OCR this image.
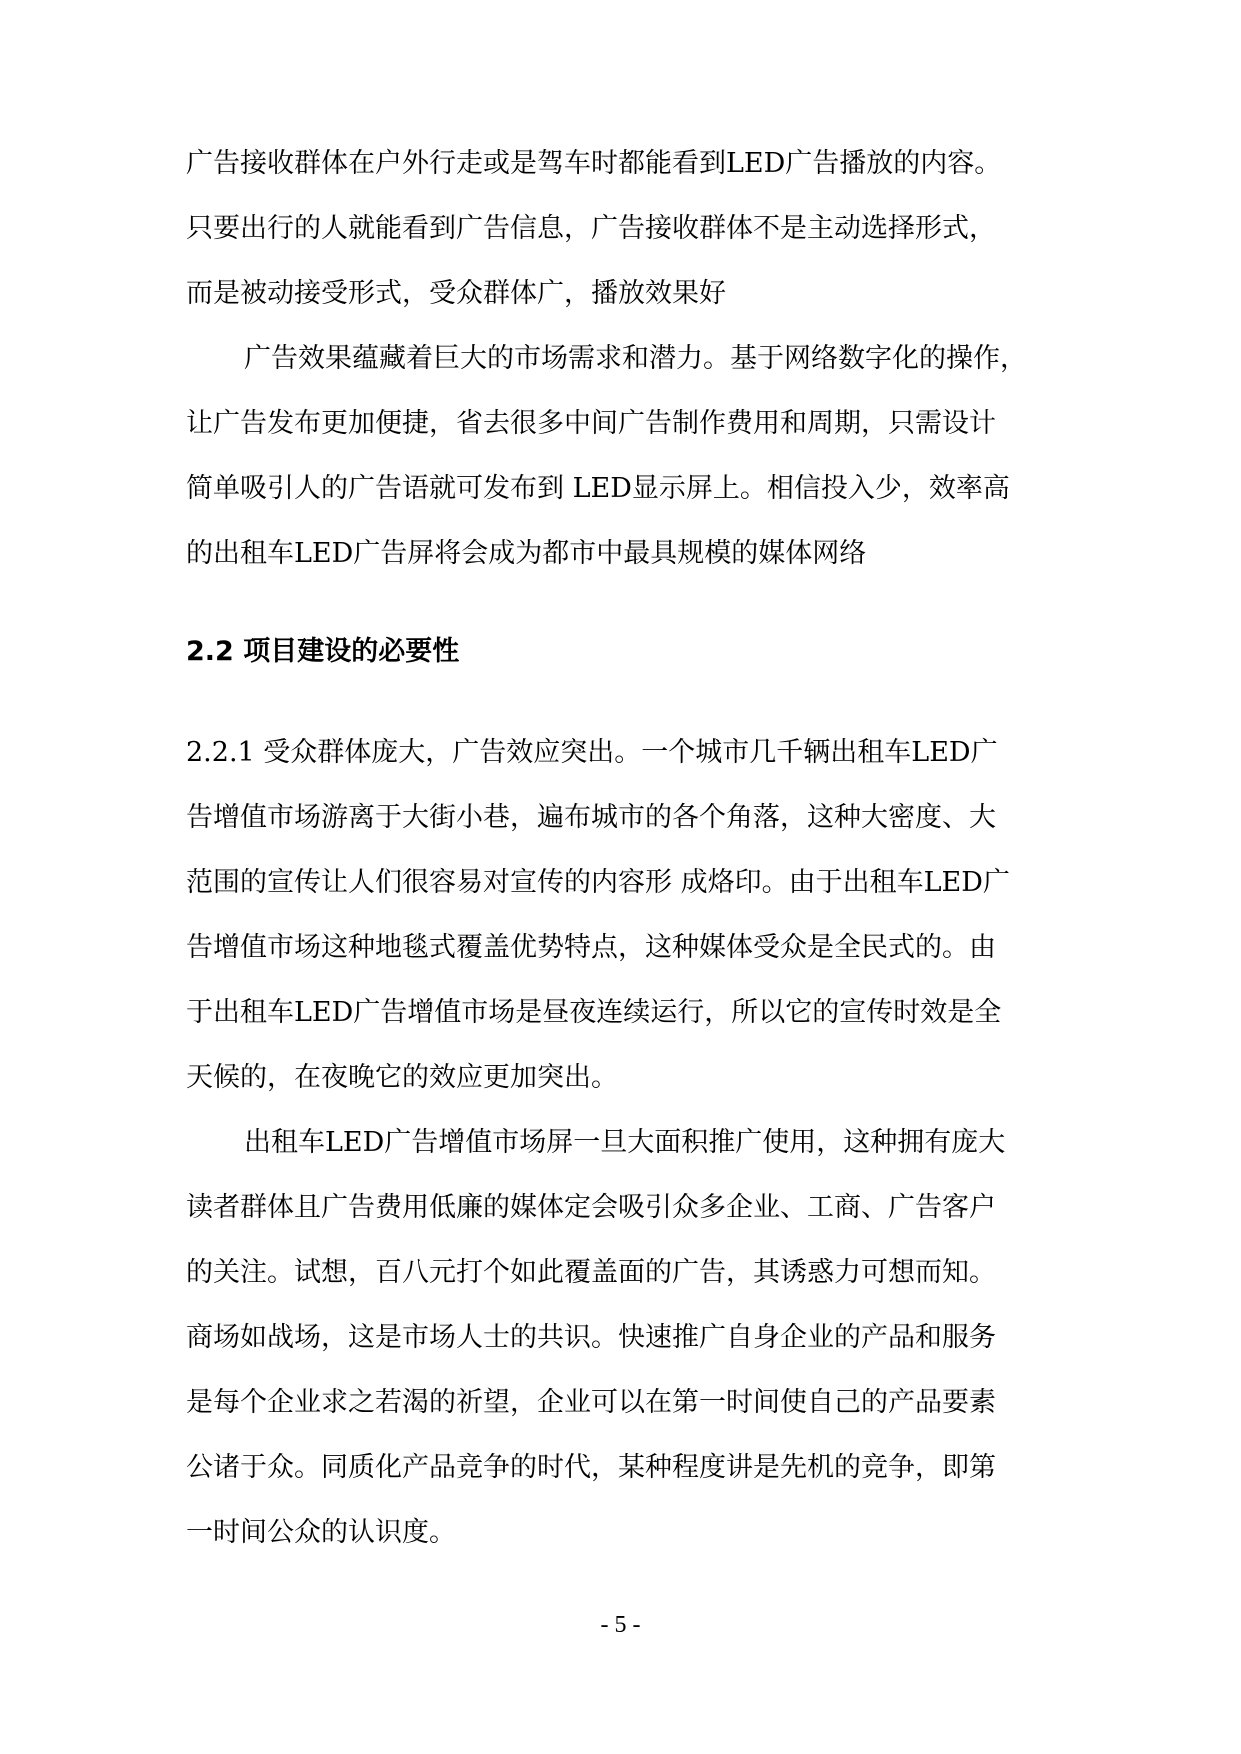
广告接收群体在户外行走或是驾车时都能看到LED广告播放的内容。
只要出行的人就能看到广告信息，广告接收群体不是主动选择形式，
而是被动接受形式，受众群体广，播放效果好
广告效果蕴藏着巨大的市场需求和潜力。基于网络数字化的操作，
让广告发布更加便捷，省去很多中间广告制作费用和周期，只需设计
简单吸引人的广告语就可发布到 LED显示屏上。相信投入少，效率高
的出租车LED广告屏将会成为都市中最具规模的媒体网络
2.2 项目建设的必要性
2.2.1 受众群体庞大，广告效应突出。一个城市几千辆出租车LED广
告增值市场游离于大街小巷，遍布城市的各个角落，这种大密度、大
范围的宣传让人们很容易对宣传的内容形 成烙印。由于出租车LED广
告增值市场这种地毯式覆盖优势特点，这种媒体受众是全民式的。由
于出租车LED广告增值市场是昼夜连续运行，所以它的宣传时效是全
天候的，在夜晚它的效应更加突出。
出租车LED广告增值市场屏一旦大面积推广使用，这种拥有庞大
读者群体且广告费用低廉的媒体定会吸引众多企业、工商、广告客户
的关注。试想，百八元打个如此覆盖面的广告，其诱惑力可想而知。
商场如战场，这是市场人士的共识。快速推广自身企业的产品和服务
是每个企业求之若渴的祈望，企业可以在第一时间使自己的产品要素
公诸于众。同质化产品竞争的时代，某种程度讲是先机的竞争，即第
一时间公众的认识度。
- 5 -
